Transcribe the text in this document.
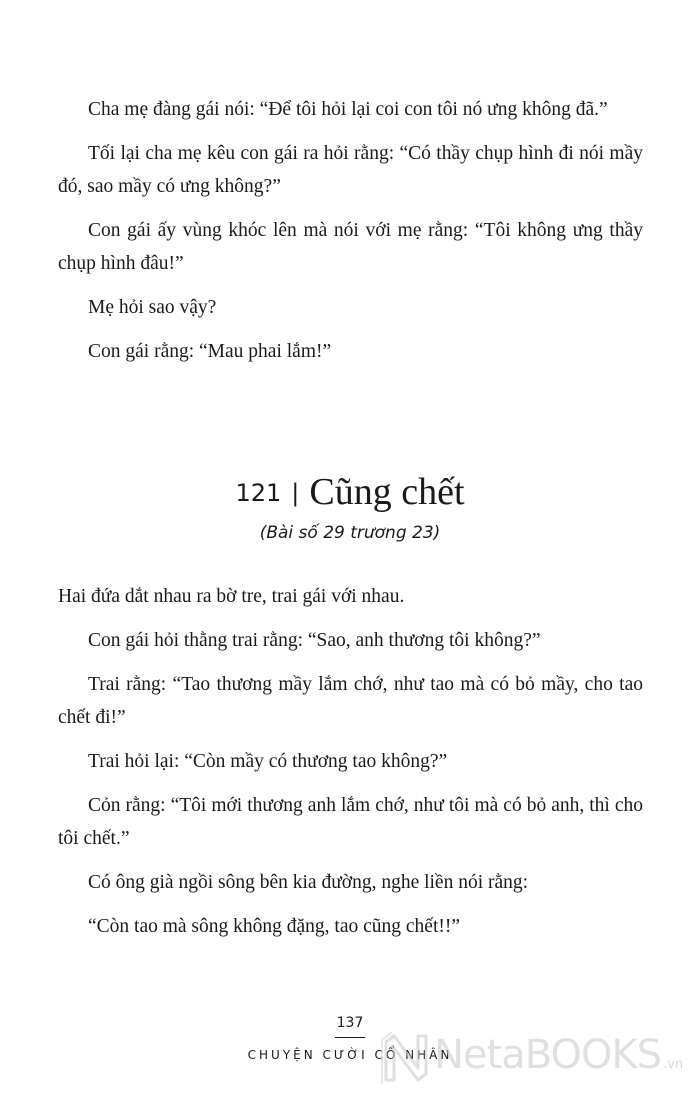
Cha mẹ đàng gái nói: “Để tôi hỏi lại coi con tôi nó ưng không đã.”

Tối lại cha mẹ kêu con gái ra hỏi rằng: “Có thầy chụp hình đi nói mầy đó, sao mầy có ưng không?”

Con gái ấy vùng khóc lên mà nói với mẹ rằng: “Tôi không ưng thầy chụp hình đâu!”

Mẹ hỏi sao vậy?

Con gái rằng: “Mau phai lắm!”

121 | Cũng chết
(Bài số 29 trương 23)

Hai đứa dắt nhau ra bờ tre, trai gái với nhau.

Con gái hỏi thằng trai rằng: “Sao, anh thương tôi không?”

Trai rằng: “Tao thương mầy lắm chớ, như tao mà có bỏ mầy, cho tao chết đi!”

Trai hỏi lại: “Còn mầy có thương tao không?”

Cỏn rằng: “Tôi mới thương anh lắm chớ, như tôi mà có bỏ anh, thì cho tôi chết.”

Có ông già ngồi sông bên kia đường, nghe liền nói rằng:

“Còn tao mà sông không đặng, tao cũng chết!!”

137
CHUYỆN CƯỜI CỔ NHÂN
NetaBOOKS .vn
